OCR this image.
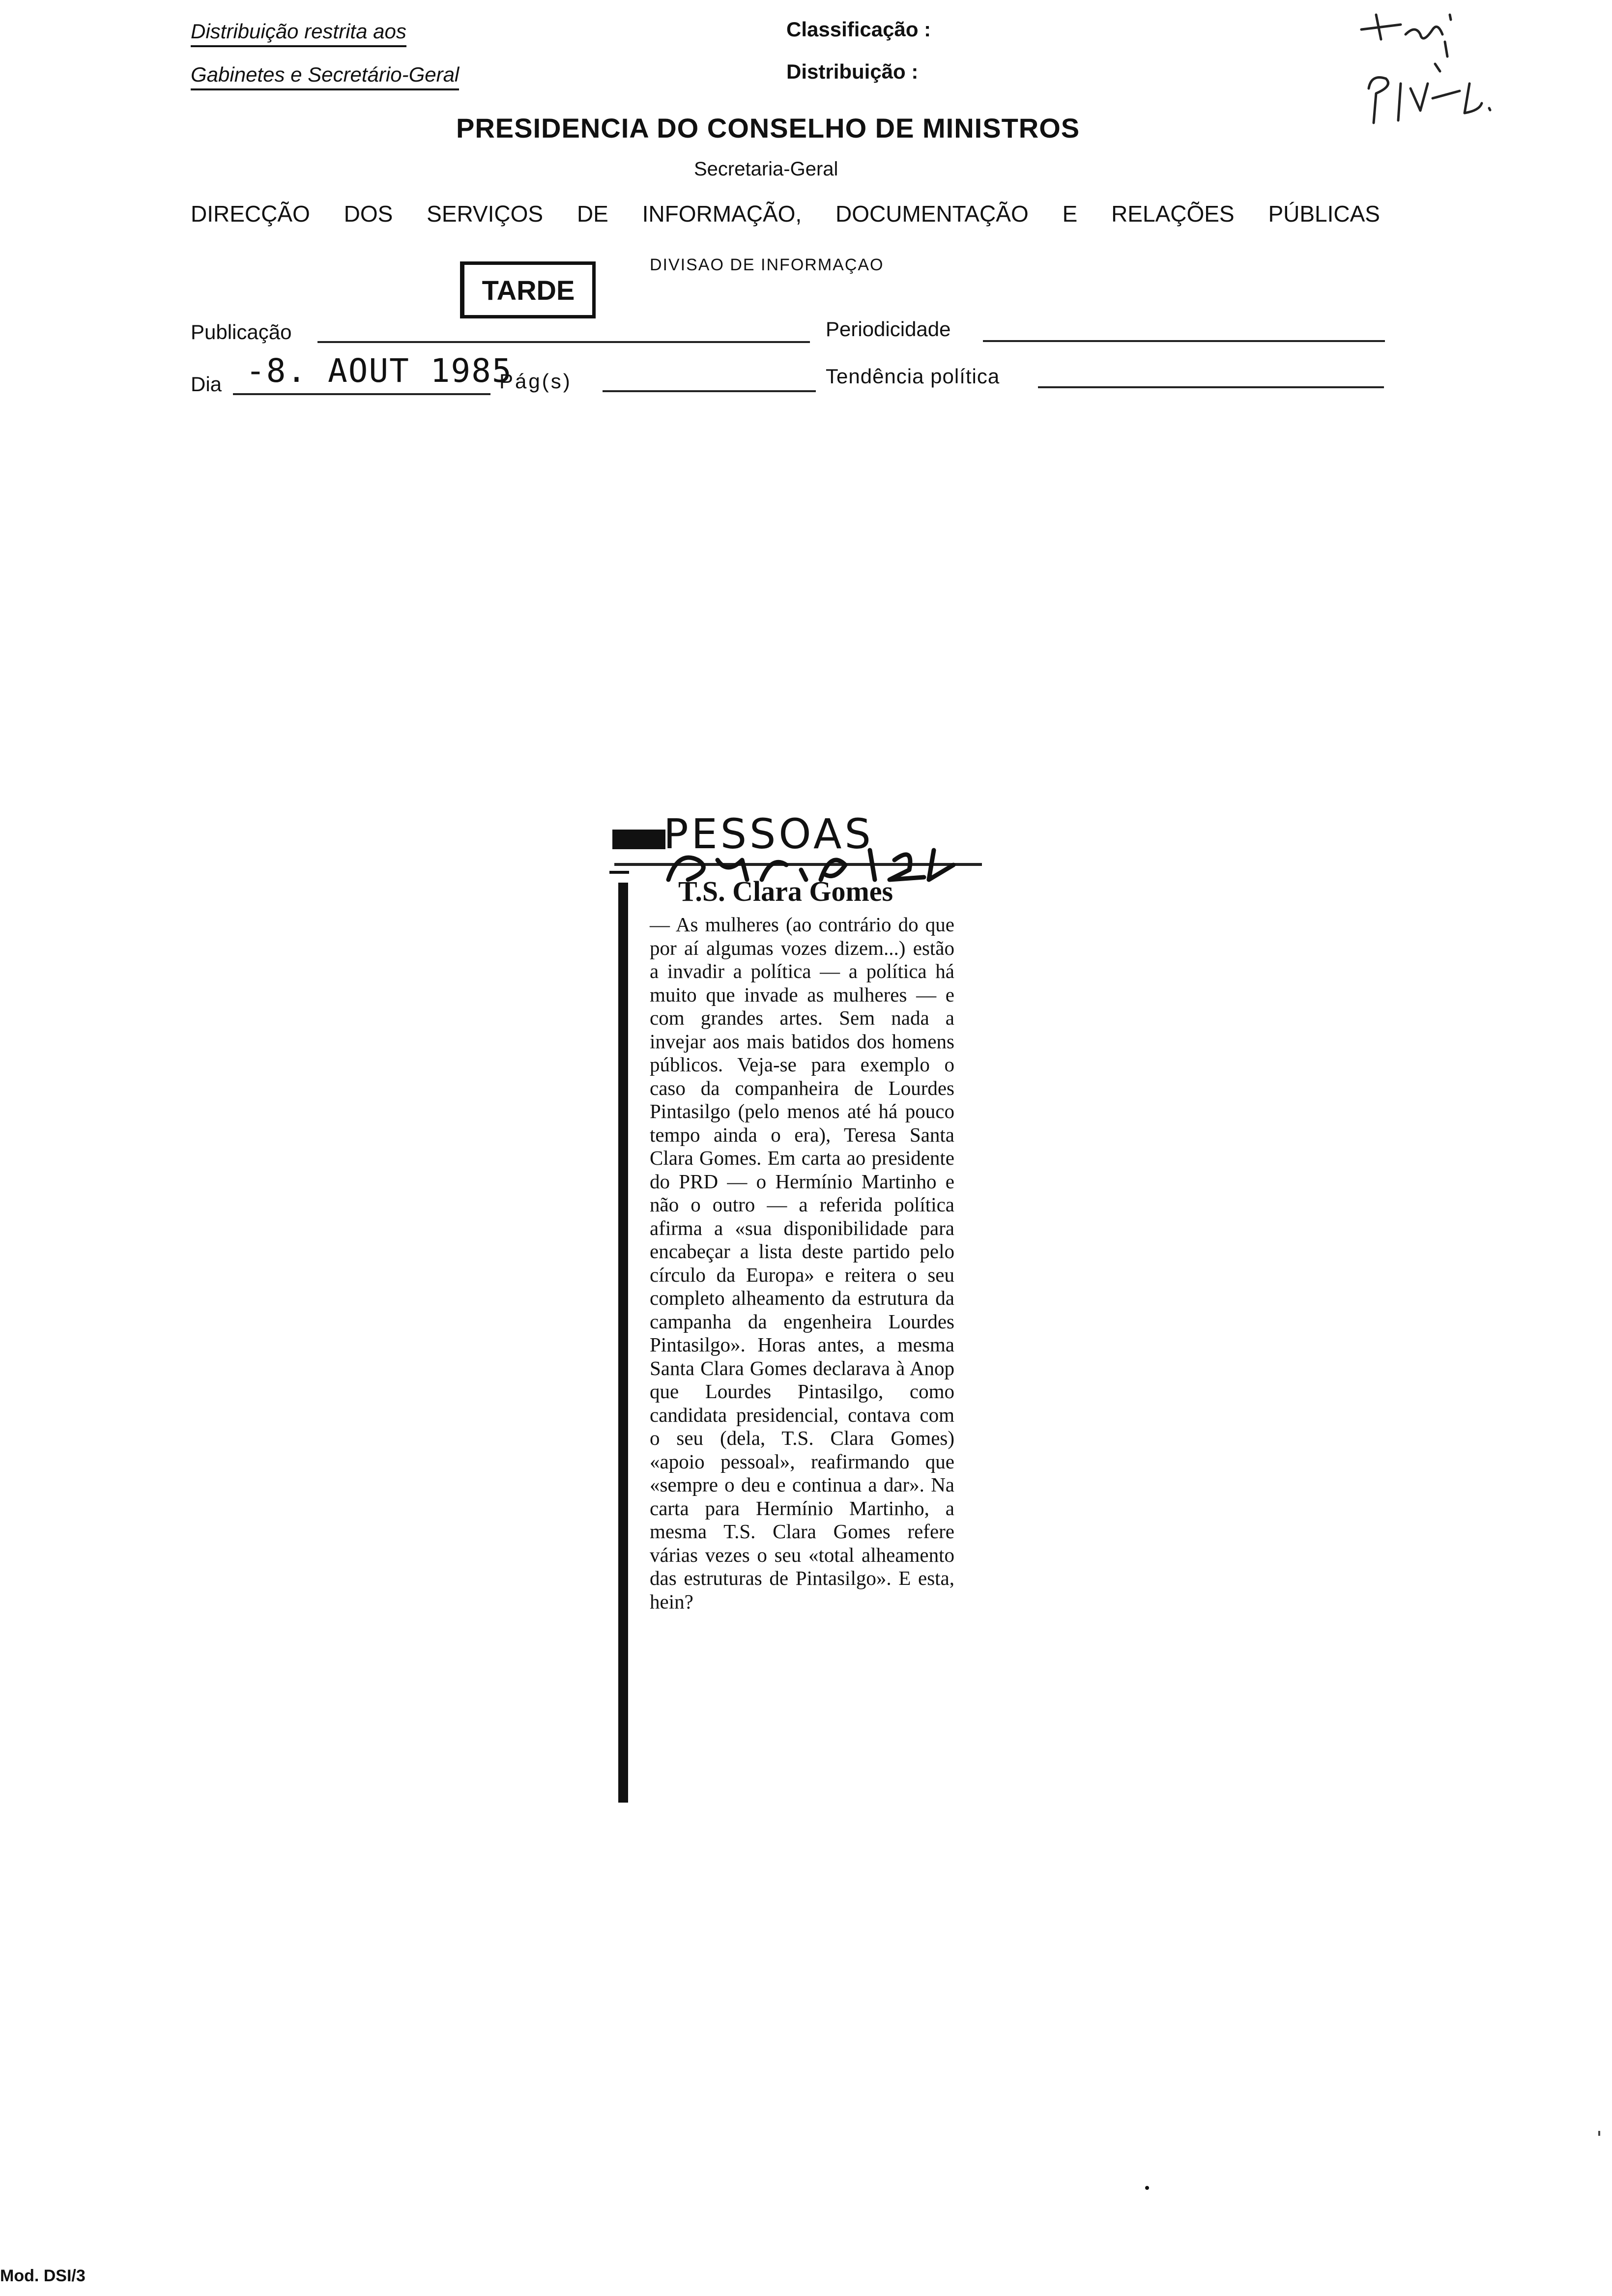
Distribuição restrita aos
Gabinetes e Secretário-Geral
Classificação :
Distribuição :
PRESIDENCIA DO CONSELHO DE MINISTROS
Secretaria-Geral
DIRECÇÃO DOS SERVIÇOS DE INFORMAÇÃO, DOCUMENTAÇÃO E RELAÇÕES PÚBLICAS
TARDE
DIVISAO DE INFORMAÇAO
Publicação	Periodicidade
Dia -8. AOUT 1985
Pág(s)	Tendência política
PESSOAS
T.S. Clara Gomes
— As mulheres (ao contrário do que por aí algumas vozes dizem...) estão a invadir a política — a política há muito que invade as mulheres — e com grandes artes. Sem nada a invejar aos mais batidos dos homens públicos. Veja-se para exemplo o caso da companheira de Lourdes Pintasilgo (pelo menos até há pouco tempo ainda o era), Teresa Santa Clara Gomes. Em carta ao presidente do PRD — o Hermínio Martinho e não o outro — a referida política afirma a «sua disponibilidade para encabeçar a lista deste partido pelo círculo da Europa» e reitera o seu completo alheamento da estrutura da campanha da engenheira Lourdes Pintasilgo». Horas antes, a mesma Santa Clara Gomes declarava à Anop que Lourdes Pintasilgo, como candidata presidencial, contava com o seu (dela, T.S. Clara Gomes) «apoio pessoal», reafirmando que «sempre o deu e continua a dar». Na carta para Hermínio Martinho, a mesma T.S. Clara Gomes refere várias vezes o seu «total alheamento das estruturas de Pintasilgo». E esta, hein?
Mod. DSI/3
